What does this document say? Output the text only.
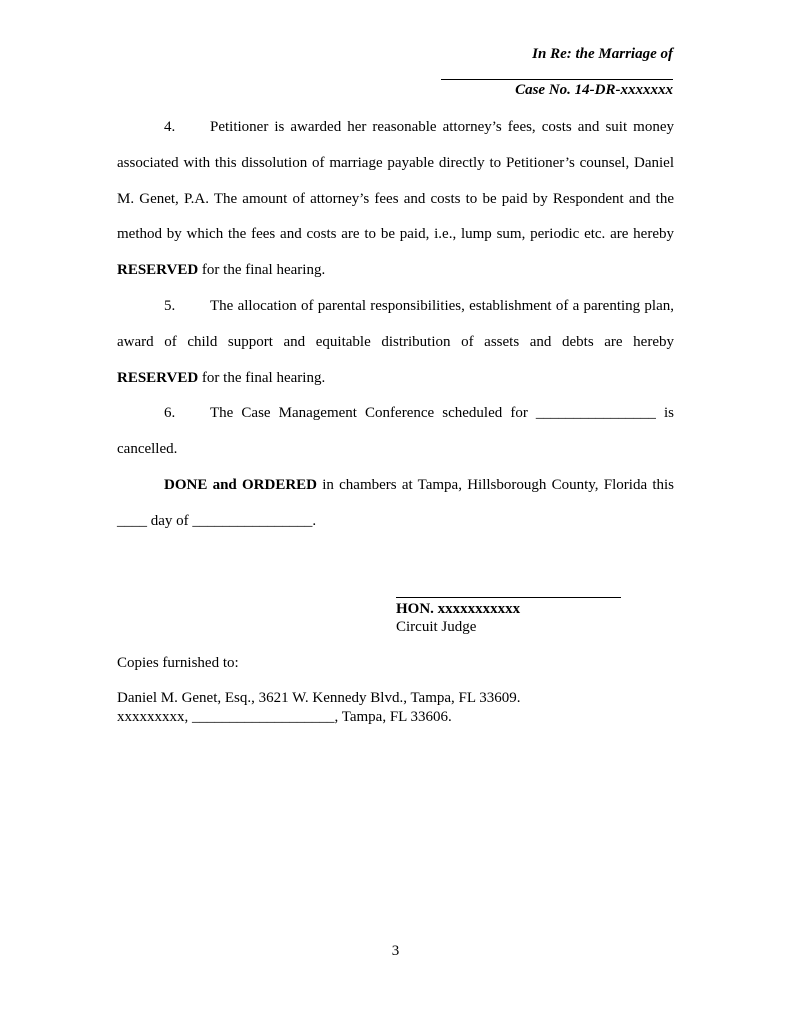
In Re: the Marriage of
Case No. 14-DR-xxxxxxx

4. Petitioner is awarded her reasonable attorney’s fees, costs and suit money associated with this dissolution of marriage payable directly to Petitioner’s counsel, Daniel M. Genet, P.A. The amount of attorney’s fees and costs to be paid by Respondent and the method by which the fees and costs are to be paid, i.e., lump sum, periodic etc. are hereby RESERVED for the final hearing.

5. The allocation of parental responsibilities, establishment of a parenting plan, award of child support and equitable distribution of assets and debts are hereby RESERVED for the final hearing.

6. The Case Management Conference scheduled for ________________ is cancelled.

DONE and ORDERED in chambers at Tampa, Hillsborough County, Florida this ____ day of ________________.

HON. xxxxxxxxxxx
Circuit Judge
Copies furnished to:
Daniel M. Genet, Esq., 3621 W. Kennedy Blvd., Tampa, FL 33609.
xxxxxxxxx, ___________________, Tampa, FL 33606.
3
